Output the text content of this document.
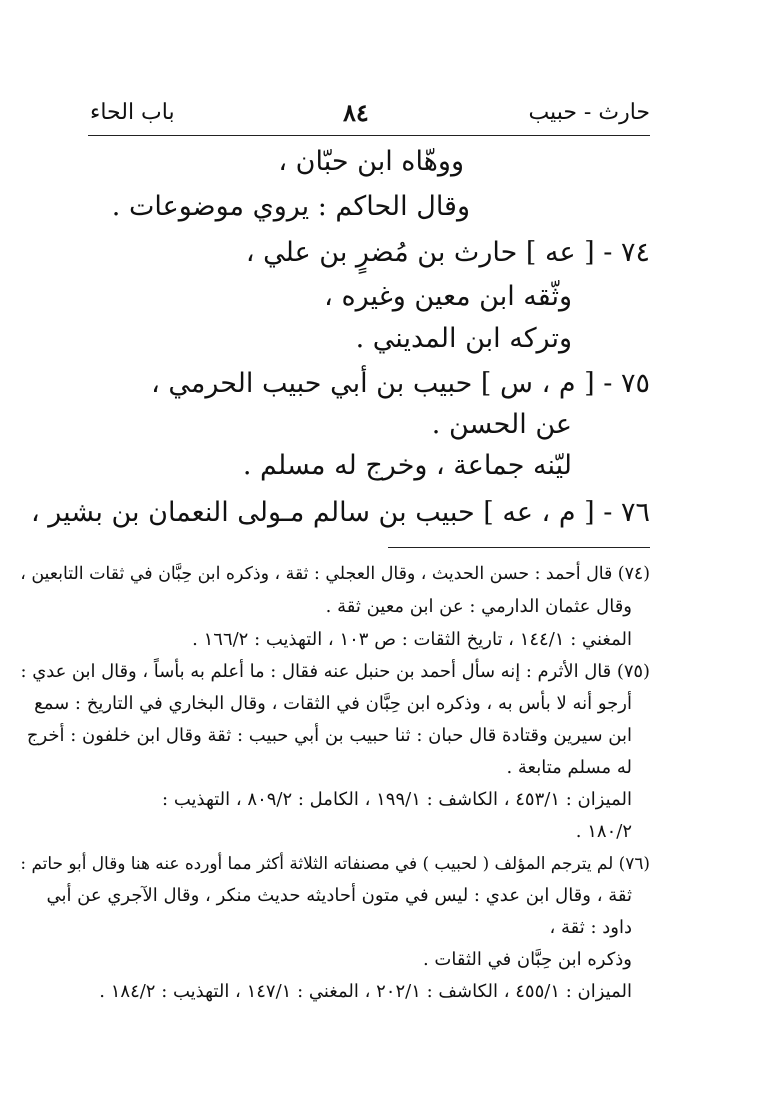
حارث - حبيب
٨٤
باب الحاء
ووهّاه ابن حبّان ،
وقال الحاكم : يروي موضوعات .
٧٤ - [ عه ] حارث بن مُضرٍ بن علي ،
وثّقه ابن معين وغيره ،
وتركه ابن المديني .
٧٥ - [ م ، س ] حبيب بن أبي حبيب الحرمي ،
عن الحسن .
ليّنه جماعة ، وخرج له مسلم .
٧٦ - [ م ، عه ] حبيب بن سالم مـولى النعمان بن بشير ،
(٧٤) قال أحمد : حسن الحديث ، وقال العجلي : ثقة ، وذكره ابن حِبَّان في ثقات التابعين ،
وقال عثمان الدارمي : عن ابن معين ثقة .
المغني : ١٤٤/١ ، تاريخ الثقات : ص ١٠٣ ، التهذيب : ١٦٦/٢ .
(٧٥) قال الأثرم : إنه سأل أحمد بن حنبل عنه فقال : ما أعلم به بأساً ، وقال ابن عدي :
أرجو أنه لا بأس به ، وذكره ابن حِبَّان في الثقات ، وقال البخاري في التاريخ : سمع
ابن سيرين وقتادة قال حبان : ثنا حبيب بن أبي حبيب : ثقة وقال ابن خلفون : أخرج
له مسلم متابعة .
الميزان : ٤٥٣/١ ، الكاشف : ١٩٩/١ ، الكامل : ٨٠٩/٢ ، التهذيب :
١٨٠/٢ .
(٧٦) لم يترجم المؤلف ( لحبيب ) في مصنفاته الثلاثة أكثر مما أورده عنه هنا وقال أبو حاتم :
ثقة ، وقال ابن عدي : ليس في متون أحاديثه حديث منكر ، وقال الآجري عن أبي
داود : ثقة ،
وذكره ابن حِبَّان في الثقات .
الميزان : ٤٥٥/١ ، الكاشف : ٢٠٢/١ ، المغني : ١٤٧/١ ، التهذيب : ١٨٤/٢ .
